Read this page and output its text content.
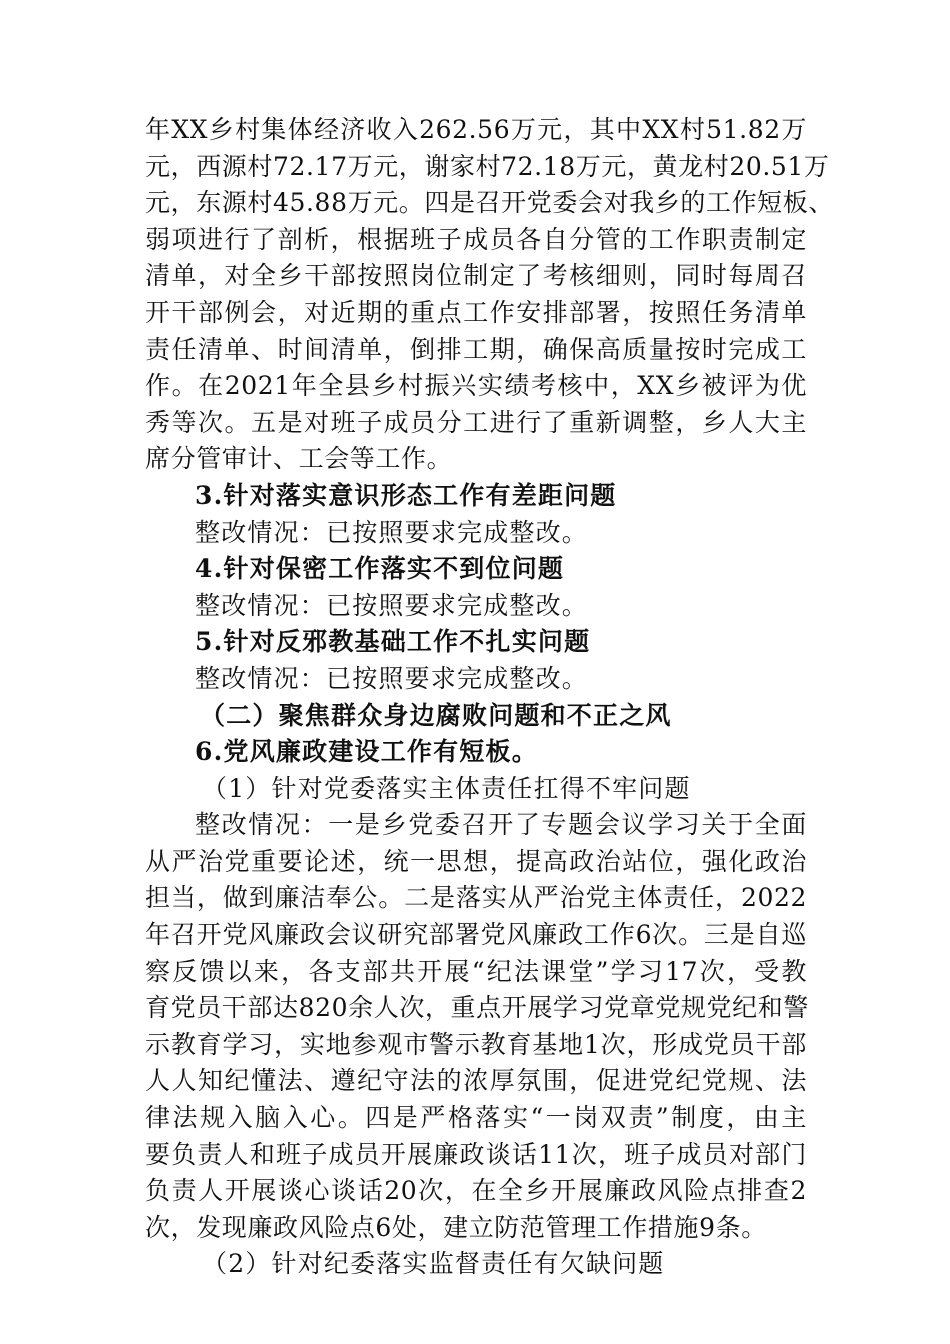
年XX乡村集体经济收入262.56万元，其中XX村51.82万
元，西源村72.17万元，谢家村72.18万元，黄龙村20.51万
元，东源村45.88万元。四是召开党委会对我乡的工作短板、
弱项进行了剖析，根据班子成员各自分管的工作职责制定
清单，对全乡干部按照岗位制定了考核细则，同时每周召
开干部例会，对近期的重点工作安排部署，按照任务清单
责任清单、时间清单，倒排工期，确保高质量按时完成工
作。在2021年全县乡村振兴实绩考核中，XX乡被评为优
秀等次。五是对班子成员分工进行了重新调整，乡人大主
席分管审计、工会等工作。
3.针对落实意识形态工作有差距问题
整改情况：已按照要求完成整改。
4.针对保密工作落实不到位问题
整改情况：已按照要求完成整改。
5.针对反邪教基础工作不扎实问题
整改情况：已按照要求完成整改。
（二）聚焦群众身边腐败问题和不正之风
6.党风廉政建设工作有短板。
（1）针对党委落实主体责任扛得不牢问题
整改情况：一是乡党委召开了专题会议学习关于全面
从严治党重要论述，统一思想，提高政治站位，强化政治
担当，做到廉洁奉公。二是落实从严治党主体责任，2022
年召开党风廉政会议研究部署党风廉政工作6次。三是自巡
察反馈以来，各支部共开展“纪法课堂”学习17次，受教
育党员干部达820余人次，重点开展学习党章党规党纪和警
示教育学习，实地参观市警示教育基地1次，形成党员干部
人人知纪懂法、遵纪守法的浓厚氛围，促进党纪党规、法
律法规入脑入心。四是严格落实“一岗双责”制度，由主
要负责人和班子成员开展廉政谈话11次，班子成员对部门
负责人开展谈心谈话20次，在全乡开展廉政风险点排查2
次，发现廉政风险点6处，建立防范管理工作措施9条。
（2）针对纪委落实监督责任有欠缺问题
